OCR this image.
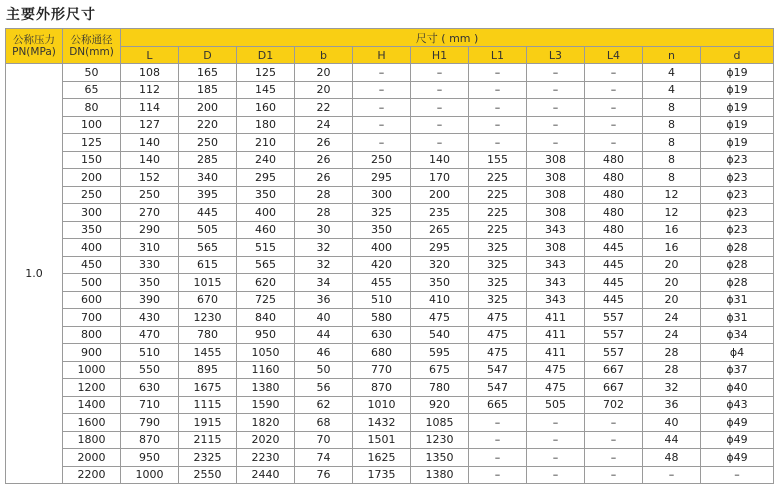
主要外形尺寸
公称压力
PN(MPa)	公称通径
DN(mm)	尺寸 ( mm )										
		L	D	D1	b	H	H1	L1	L3	L4	n	d
1.0	50	108	165	125	20	–	–	–	–	–	4	ϕ19
	65	112	185	145	20	–	–	–	–	–	4	ϕ19
	80	114	200	160	22	–	–	–	–	–	8	ϕ19
	100	127	220	180	24	–	–	–	–	–	8	ϕ19
	125	140	250	210	26	–	–	–	–	–	8	ϕ19
	150	140	285	240	26	250	140	155	308	480	8	ϕ23
	200	152	340	295	26	295	170	225	308	480	8	ϕ23
	250	250	395	350	28	300	200	225	308	480	12	ϕ23
	300	270	445	400	28	325	235	225	308	480	12	ϕ23
	350	290	505	460	30	350	265	225	343	480	16	ϕ23
	400	310	565	515	32	400	295	325	308	445	16	ϕ28
	450	330	615	565	32	420	320	325	343	445	20	ϕ28
	500	350	1015	620	34	455	350	325	343	445	20	ϕ28
	600	390	670	725	36	510	410	325	343	445	20	ϕ31
	700	430	1230	840	40	580	475	475	411	557	24	ϕ31
	800	470	780	950	44	630	540	475	411	557	24	ϕ34
	900	510	1455	1050	46	680	595	475	411	557	28	ϕ4
	1000	550	895	1160	50	770	675	547	475	667	28	ϕ37
	1200	630	1675	1380	56	870	780	547	475	667	32	ϕ40
	1400	710	1115	1590	62	1010	920	665	505	702	36	ϕ43
	1600	790	1915	1820	68	1432	1085	–	–	–	40	ϕ49
	1800	870	2115	2020	70	1501	1230	–	–	–	44	ϕ49
	2000	950	2325	2230	74	1625	1350	–	–	–	48	ϕ49
	2200	1000	2550	2440	76	1735	1380	–	–	–	–	–
